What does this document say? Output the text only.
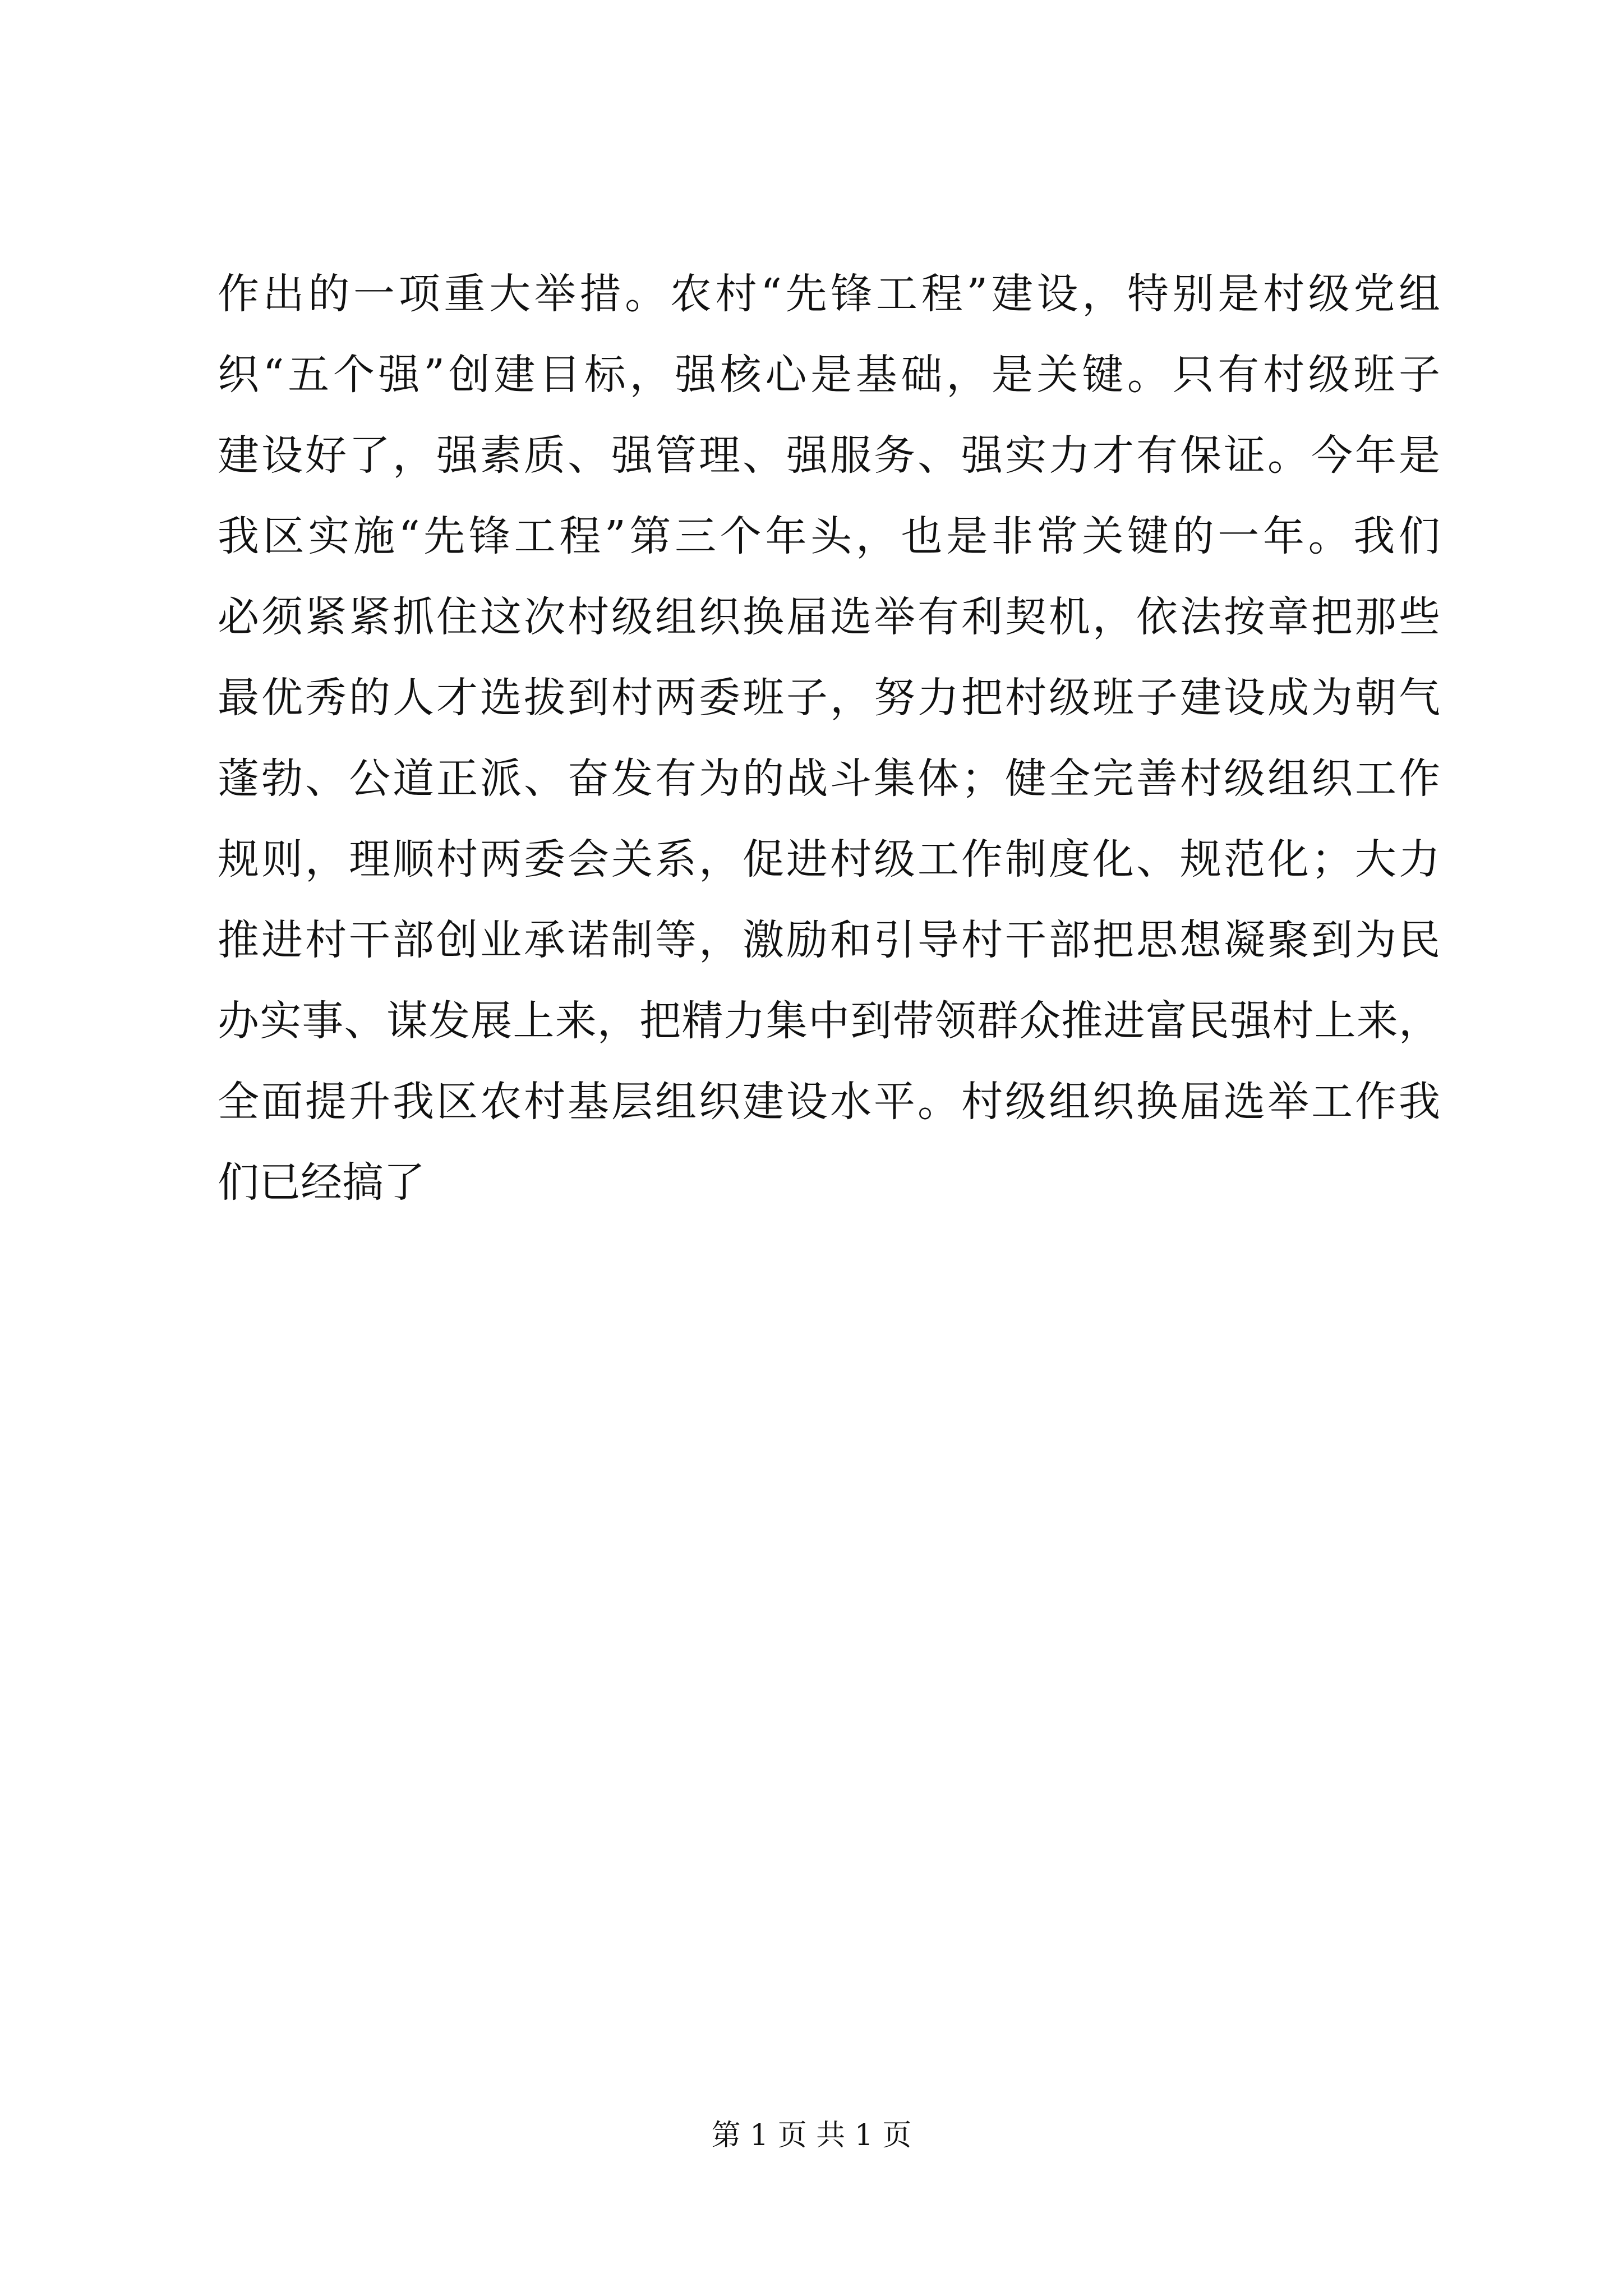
作出的一项重大举措。农村“先锋工程”建设，特别是村级党组
织“五个强”创建目标，强核心是基础，是关键。只有村级班子
建设好了，强素质、强管理、强服务、强实力才有保证。今年是
我区实施“先锋工程”第三个年头，也是非常关键的一年。我们
必须紧紧抓住这次村级组织换届选举有利契机，依法按章把那些
最优秀的人才选拔到村两委班子，努力把村级班子建设成为朝气
蓬勃、公道正派、奋发有为的战斗集体；健全完善村级组织工作
规则，理顺村两委会关系，促进村级工作制度化、规范化；大力
推进村干部创业承诺制等，激励和引导村干部把思想凝聚到为民
办实事、谋发展上来，把精力集中到带领群众推进富民强村上来，
全面提升我区农村基层组织建设水平。村级组织换届选举工作我
们已经搞了
第 1 页 共 1 页
